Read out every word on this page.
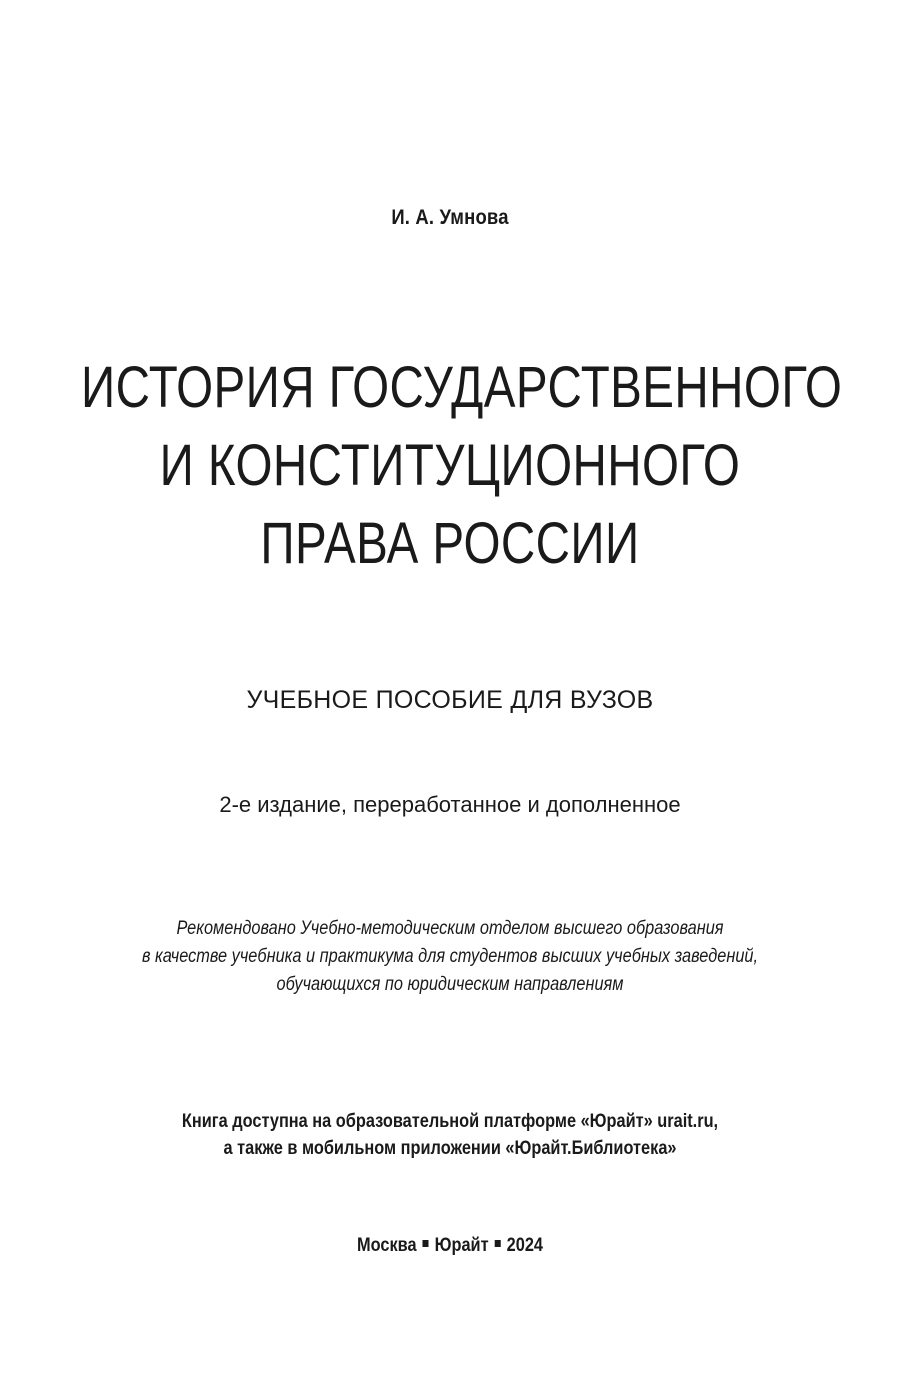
И. А. Умнова
ИСТОРИЯ ГОСУДАРСТВЕННОГО
И КОНСТИТУЦИОННОГО
ПРАВА РОССИИ
УЧЕБНОЕ ПОСОБИЕ ДЛЯ ВУЗОВ
2-е издание, переработанное и дополненное
Рекомендовано Учебно-методическим отделом высшего образования
в качестве учебника и практикума для студентов высших учебных заведений,
обучающихся по юридическим направлениям
Книга доступна на образовательной платформе «Юрайт» urait.ru,
а также в мобильном приложении «Юрайт.Библиотека»
Москва Юрайт 2024
